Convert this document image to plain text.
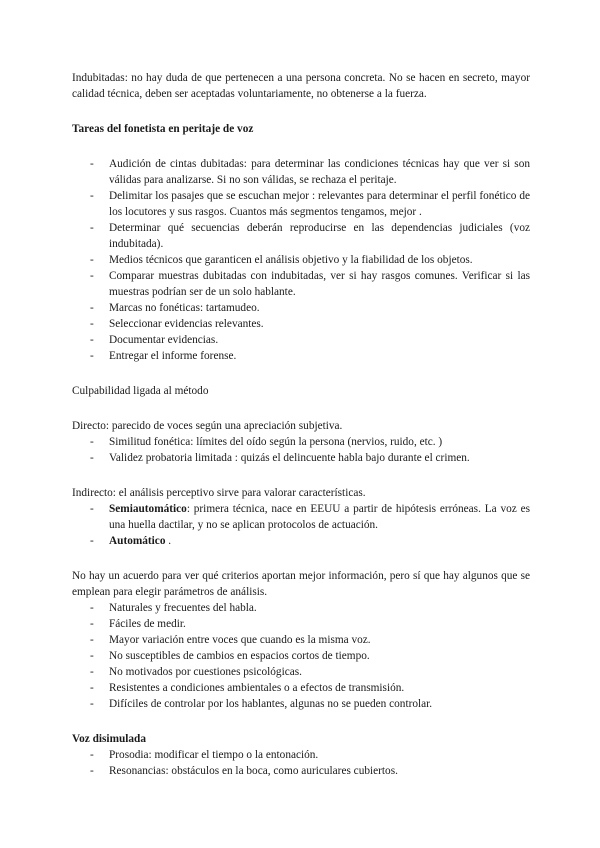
Indubitadas: no hay duda de que pertenecen a una persona concreta. No se hacen en secreto, mayor calidad técnica, deben ser aceptadas voluntariamente, no obtenerse a la fuerza.

Tareas del fonetista en peritaje de voz

- Audición de cintas dubitadas: para determinar las condiciones técnicas hay que ver si son válidas para analizarse. Si no son válidas, se rechaza el peritaje.
- Delimitar los pasajes que se escuchan mejor : relevantes para determinar el perfil fonético de los locutores y sus rasgos. Cuantos más segmentos tengamos, mejor .
- Determinar qué secuencias deberán reproducirse en las dependencias judiciales (voz indubitada).
- Medios técnicos que garanticen el análisis objetivo y la fiabilidad de los objetos.
- Comparar muestras dubitadas con indubitadas, ver si hay rasgos comunes. Verificar si las muestras podrían ser de un solo hablante.
- Marcas no fonéticas: tartamudeo.
- Seleccionar evidencias relevantes.
- Documentar evidencias.
- Entregar el informe forense.

Culpabilidad ligada al método

Directo: parecido de voces según una apreciación subjetiva.

- Similitud fonética: límites del oído según la persona (nervios, ruido, etc. )
- Validez probatoria limitada : quizás el delincuente habla bajo durante el crimen.

Indirecto: el análisis perceptivo sirve para valorar características.

- Semiautomático: primera técnica, nace en EEUU a partir de hipótesis erróneas. La voz es una huella dactilar, y no se aplican protocolos de actuación.
- Automático .

No hay un acuerdo para ver qué criterios aportan mejor información, pero sí que hay algunos que se emplean para elegir parámetros de análisis.

- Naturales y frecuentes del habla.
- Fáciles de medir.
- Mayor variación entre voces que cuando es la misma voz.
- No susceptibles de cambios en espacios cortos de tiempo.
- No motivados por cuestiones psicológicas.
- Resistentes a condiciones ambientales o a efectos de transmisión.
- Difíciles de controlar por los hablantes, algunas no se pueden controlar.

Voz disimulada

- Prosodia: modificar el tiempo o la entonación.
- Resonancias: obstáculos en la boca, como auriculares cubiertos.
